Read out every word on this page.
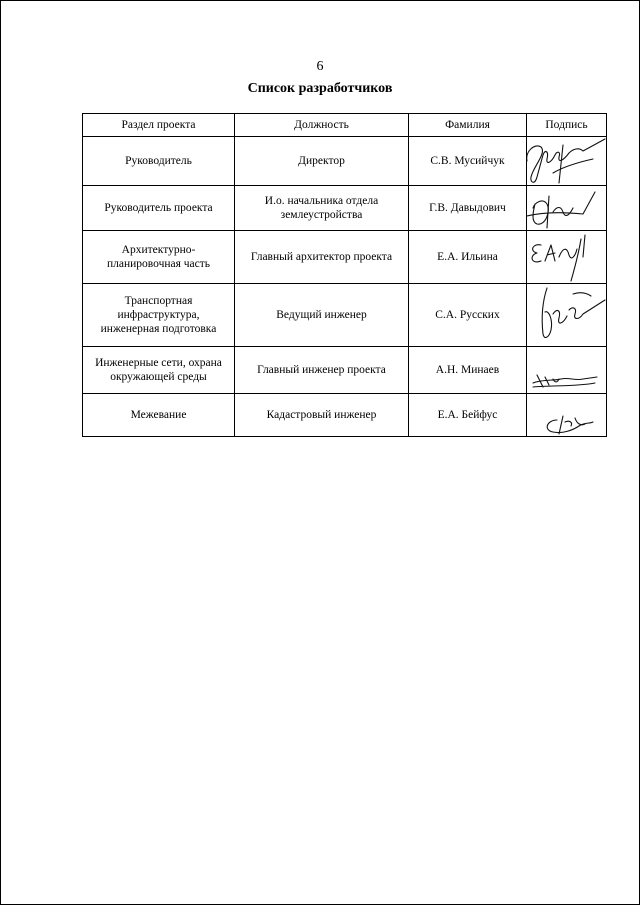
6
Список разработчиков
Раздел проекта	Должность	Фамилия	Подпись
Руководитель	Директор	С.В. Мусийчук	

Руководитель проекта	И.о. начальника отдела землеустройства	Г.В. Давыдович	

Архитектурно-планировочная часть	Главный архитектор проекта	Е.А. Ильина	

Транспортная инфраструктура, инженерная подготовка	Ведущий инженер	С.А. Русских	

Инженерные сети, охрана окружающей среды	Главный инженер проекта	А.Н. Минаев	

Межевание	Кадастровый инженер	Е.А. Бейфус	
